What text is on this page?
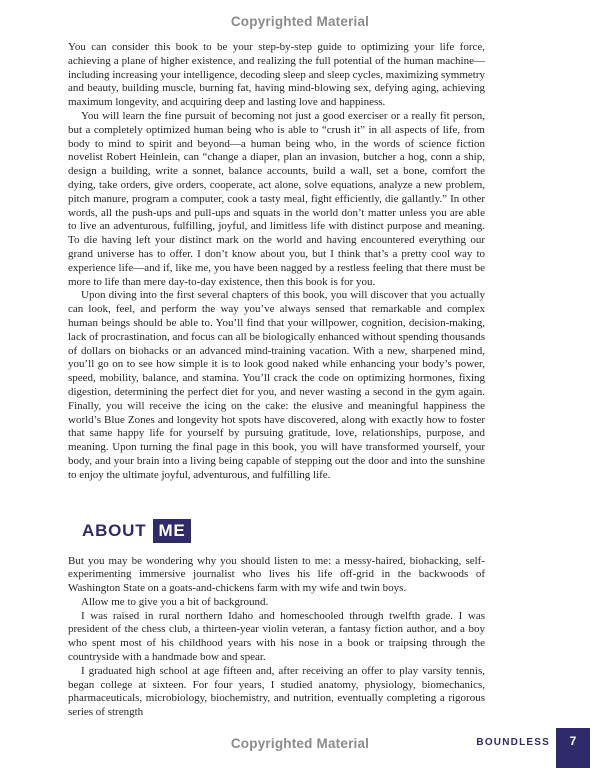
Copyrighted Material

You can consider this book to be your step-by-step guide to optimizing your life force, achieving a plane of higher existence, and realizing the full potential of the human machine—including increasing your intelligence, decoding sleep and sleep cycles, maximizing symmetry and beauty, building muscle, burning fat, having mind-blowing sex, defying aging, achieving maximum longevity, and acquiring deep and lasting love and happiness.

You will learn the fine pursuit of becoming not just a good exerciser or a really fit person, but a completely optimized human being who is able to “crush it” in all aspects of life, from body to mind to spirit and beyond—a human being who, in the words of science fiction novelist Robert Heinlein, can “change a diaper, plan an invasion, butcher a hog, conn a ship, design a building, write a sonnet, balance accounts, build a wall, set a bone, comfort the dying, take orders, give orders, cooperate, act alone, solve equations, analyze a new problem, pitch manure, program a computer, cook a tasty meal, fight efficiently, die gallantly.” In other words, all the push-ups and pull-ups and squats in the world don’t matter unless you are able to live an adventurous, fulfilling, joyful, and limitless life with distinct purpose and meaning. To die having left your distinct mark on the world and having encountered everything our grand universe has to offer. I don’t know about you, but I think that’s a pretty cool way to experience life—and if, like me, you have been nagged by a restless feeling that there must be more to life than mere day-to-day existence, then this book is for you.

Upon diving into the first several chapters of this book, you will discover that you actually can look, feel, and perform the way you’ve always sensed that remarkable and complex human beings should be able to. You’ll find that your willpower, cognition, decision-making, lack of procrastination, and focus can all be biologically enhanced without spending thousands of dollars on biohacks or an advanced mind-training vacation. With a new, sharpened mind, you’ll go on to see how simple it is to look good naked while enhancing your body’s power, speed, mobility, balance, and stamina. You’ll crack the code on optimizing hormones, fixing digestion, determining the perfect diet for you, and never wasting a second in the gym again. Finally, you will receive the icing on the cake: the elusive and meaningful happiness the world’s Blue Zones and longevity hot spots have discovered, along with exactly how to foster that same happy life for yourself by pursuing gratitude, love, relationships, purpose, and meaning. Upon turning the final page in this book, you will have transformed yourself, your body, and your brain into a living being capable of stepping out the door and into the sunshine to enjoy the ultimate joyful, adventurous, and fulfilling life.

ABOUT ME

But you may be wondering why you should listen to me: a messy-haired, biohacking, self-experimenting immersive journalist who lives his life off-grid in the backwoods of Washington State on a goats-and-chickens farm with my wife and twin boys.

Allow me to give you a bit of background.

I was raised in rural northern Idaho and homeschooled through twelfth grade. I was president of the chess club, a thirteen-year violin veteran, a fantasy fiction author, and a boy who spent most of his childhood years with his nose in a book or traipsing through the countryside with a handmade bow and spear.

I graduated high school at age fifteen and, after receiving an offer to play varsity tennis, began college at sixteen. For four years, I studied anatomy, physiology, biomechanics, pharmaceuticals, microbiology, biochemistry, and nutrition, eventually completing a rigorous series of strength

Copyrighted Material	BOUNDLESS	7
